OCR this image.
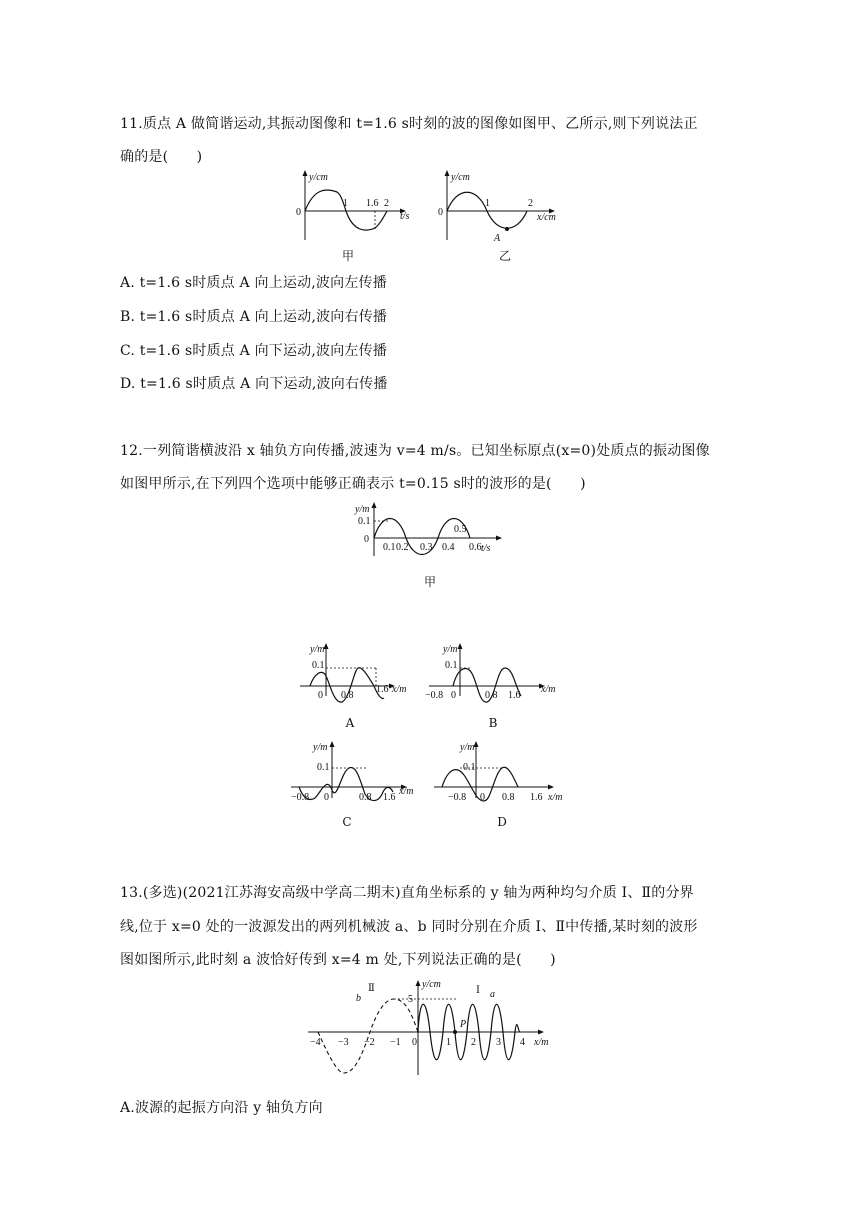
11.质点 A 做简谐运动,其振动图像和 t=1.6 s时刻的波的图像如图甲、乙所示,则下列说法正
确的是(　　)
y/cm
0
1 1.6 2
t/s
甲
y/cm
0
1	2
A
x/cm
乙
A. t=1.6 s时质点 A 向上运动,波向左传播
B. t=1.6 s时质点 A 向上运动,波向右传播
C. t=1.6 s时质点 A 向下运动,波向左传播
D. t=1.6 s时质点 A 向下运动,波向右传播
12.一列简谐横波沿 x 轴负方向传播,波速为 v=4 m/s。已知坐标原点(x=0)处质点的振动图像
如图甲所示,在下列四个选项中能够正确表示 t=0.15 s时的波形的是(　　)
y/m
0.1
0
0.1 0.2 0.3 0.4
0.5
0.6 t/s
甲
y/m
0.1
0 0.8
1.6 x/m
A
y/m
0.1
−0.8 0	0.8 1.6
x/m
B
y/m
0.1
−0.8 0	0.8 1.6
x/m
C
y/m
0.1
−0.8 0 0.8 1.6 x/m
D
13.(多选)(2021江苏海安高级中学高二期末)直角坐标系的 y 轴为两种均匀介质 Ⅰ、Ⅱ的分界
线,位于 x=0 处的一波源发出的两列机械波 a、b 同时分别在介质 Ⅰ、Ⅱ中传播,某时刻的波形
图如图所示,此时刻 a 波恰好传到 x=4 m 处,下列说法正确的是(　　)
y/cm
5
0
−4 −3 −2 −1	1 2 3 4 x/m
b
Ⅱ	Ⅰ a
P
A.波源的起振方向沿 y 轴负方向
